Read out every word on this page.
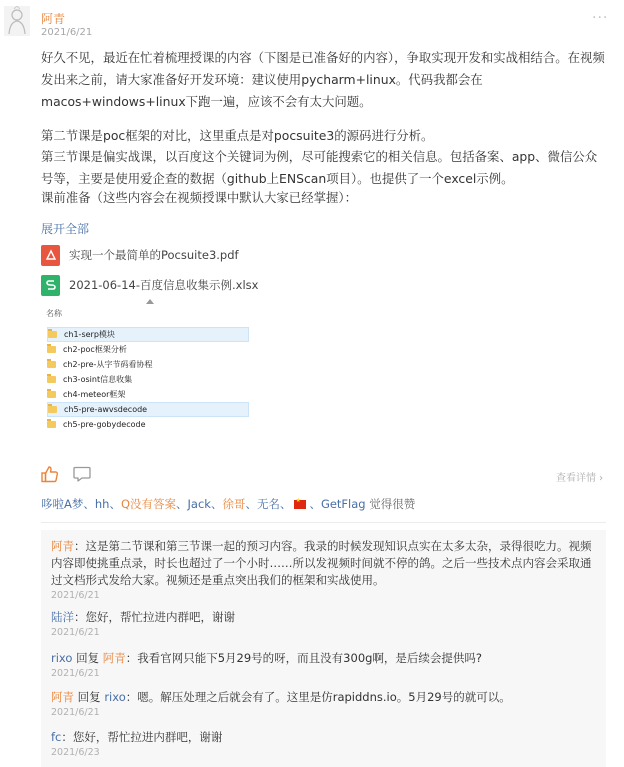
阿青
2021/6/21
···
好久不见，最近在忙着梳理授课的内容（下图是已准备好的内容），争取实现开发和实战相结合。在视频发出来之前，请大家准备好开发环境：建议使用pycharm+linux。代码我都会在macos+windows+linux下跑一遍，应该不会有太大问题。
第二节课是poc框架的对比，这里重点是对pocsuite3的源码进行分析。
第三节课是偏实战课，以百度这个关键词为例，尽可能搜索它的相关信息。包括备案、app、微信公众号等，主要是使用爱企查的数据（github上ENScan项目）。也提供了一个excel示例。
课前准备（这些内容会在视频授课中默认大家已经掌握）：
展开全部
实现一个最简单的Pocsuite3.pdf
2021-06-14-百度信息收集示例.xlsx
名称
ch1-serp模块
ch2-poc框架分析
ch2-pre-从字节码看协程
ch3-osint信息收集
ch4-meteor框架
ch5-pre-awvsdecode
ch5-pre-gobydecode
查看详情 ›
哆啦A梦、hh、Q没有答案、Jack、徐哥、无名、★ 、GetFlag 觉得很赞
阿青：这是第二节课和第三节课一起的预习内容。我录的时候发现知识点实在太多太杂，录得很吃力。视频内容即使挑重点录，时长也超过了一个小时……所以发视频时间就不停的鸽。之后一些技术点内容会采取通过文档形式发给大家。视频还是重点突出我们的框架和实战使用。
2021/6/21
陆洋：您好，帮忙拉进内群吧，谢谢
2021/6/21
rixo 回复 阿青：我看官网只能下5月29号的呀，而且没有300g啊，是后续会提供吗?
2021/6/21
阿青 回复 rixo：嗯。解压处理之后就会有了。这里是仿rapiddns.io。5月29号的就可以。
2021/6/21
fc：您好，帮忙拉进内群吧，谢谢
2021/6/23
